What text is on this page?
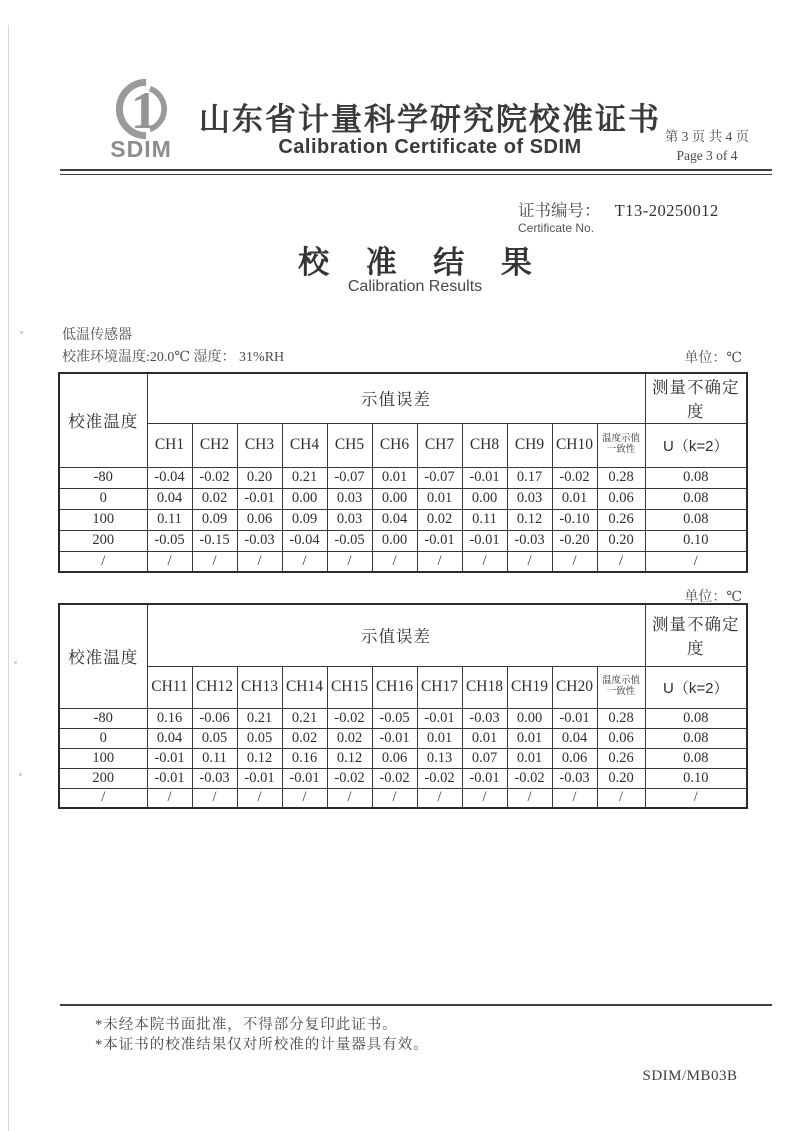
1
SDIM
山东省计量科学研究院校准证书
Calibration Certificate of SDIM	第 3 页 共 4 页
Page 3 of 4
证书编号： T13-20250012
Certificate No.
校 准 结 果
Calibration Results
低温传感器
校准环境温度:20.0℃ 湿度： 31%RH	单位：℃
单位：℃
校准温度	示值误差											测量不确定度
	CH1	CH2	CH3	CH4	CH5	CH6	CH7	CH8	CH9	CH10	温度示值一致性	U（k=2）
-80	-0.04	-0.02	0.20	0.21	-0.07	0.01	-0.07	-0.01	0.17	-0.02	0.28	0.08
0	0.04	0.02	-0.01	0.00	0.03	0.00	0.01	0.00	0.03	0.01	0.06	0.08
100	0.11	0.09	0.06	0.09	0.03	0.04	0.02	0.11	0.12	-0.10	0.26	0.08
200	-0.05	-0.15	-0.03	-0.04	-0.05	0.00	-0.01	-0.01	-0.03	-0.20	0.20	0.10
/	/	/	/	/	/	/	/	/	/	/	/	/
校准温度	示值误差											测量不确定度
	CH11	CH12	CH13	CH14	CH15	CH16	CH17	CH18	CH19	CH20	温度示值一致性	U（k=2）
-80	0.16	-0.06	0.21	0.21	-0.02	-0.05	-0.01	-0.03	0.00	-0.01	0.28	0.08
0	0.04	0.05	0.05	0.02	0.02	-0.01	0.01	0.01	0.01	0.04	0.06	0.08
100	-0.01	0.11	0.12	0.16	0.12	0.06	0.13	0.07	0.01	0.06	0.26	0.08
200	-0.01	-0.03	-0.01	-0.01	-0.02	-0.02	-0.02	-0.01	-0.02	-0.03	0.20	0.10
/	/	/	/	/	/	/	/	/	/	/	/	/
*未经本院书面批准，不得部分复印此证书。
*本证书的校准结果仅对所校准的计量器具有效。
SDIM/MB03B
